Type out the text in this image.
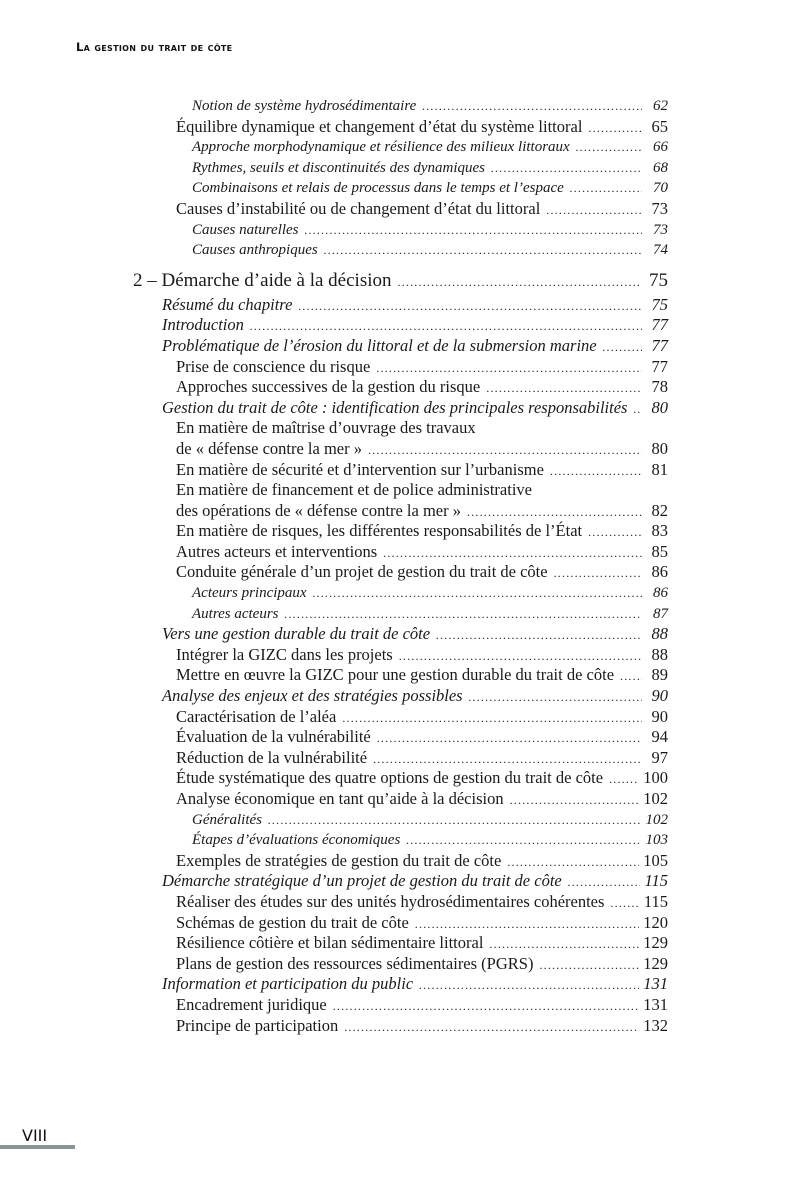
La gestion du trait de côte
Notion de système hydrosédimentaire .....	62
Équilibre dynamique et changement d’état du système littoral .....	65
Approche morphodynamique et résilience des milieux littoraux .....	66
Rythmes, seuils et discontinuités des dynamiques .....	68
Combinaisons et relais de processus dans le temps et l’espace .....	70
Causes d’instabilité ou de changement d’état du littoral .....	73
Causes naturelles .....	73
Causes anthropiques .....	74
2 – Démarche d’aide à la décision .....	75
Résumé du chapitre .....	75
Introduction .....	77
Problématique de l’érosion du littoral et de la submersion marine .....	77
Prise de conscience du risque .....	77
Approches successives de la gestion du risque .....	78
Gestion du trait de côte : identification des principales responsabilités .....	80
En matière de maîtrise d’ouvrage des travaux
de « défense contre la mer » .....	80
En matière de sécurité et d’intervention sur l’urbanisme .....	81
En matière de financement et de police administrative
des opérations de « défense contre la mer » .....	82
En matière de risques, les différentes responsabilités de l’État .....	83
Autres acteurs et interventions .....	85
Conduite générale d’un projet de gestion du trait de côte .....	86
Acteurs principaux .....	86
Autres acteurs .....	87
Vers une gestion durable du trait de côte .....	88
Intégrer la GIZC dans les projets .....	88
Mettre en œuvre la GIZC pour une gestion durable du trait de côte .....	89
Analyse des enjeux et des stratégies possibles .....	90
Caractérisation de l’aléa .....	90
Évaluation de la vulnérabilité .....	94
Réduction de la vulnérabilité .....	97
Étude systématique des quatre options de gestion du trait de côte ..... 100
Analyse économique en tant qu’aide à la décision .....	102
Généralités .....	102
Étapes d’évaluations économiques .....	103
Exemples de stratégies de gestion du trait de côte .....	105
Démarche stratégique d’un projet de gestion du trait de côte .....	115
Réaliser des études sur des unités hydrosédimentaires cohérentes ..... 115
Schémas de gestion du trait de côte .....	120
Résilience côtière et bilan sédimentaire littoral .....	129
Plans de gestion des ressources sédimentaires (PGRS) .....	129
Information et participation du public .....	131
Encadrement juridique .....	131
Principe de participation .....	132
VIII
